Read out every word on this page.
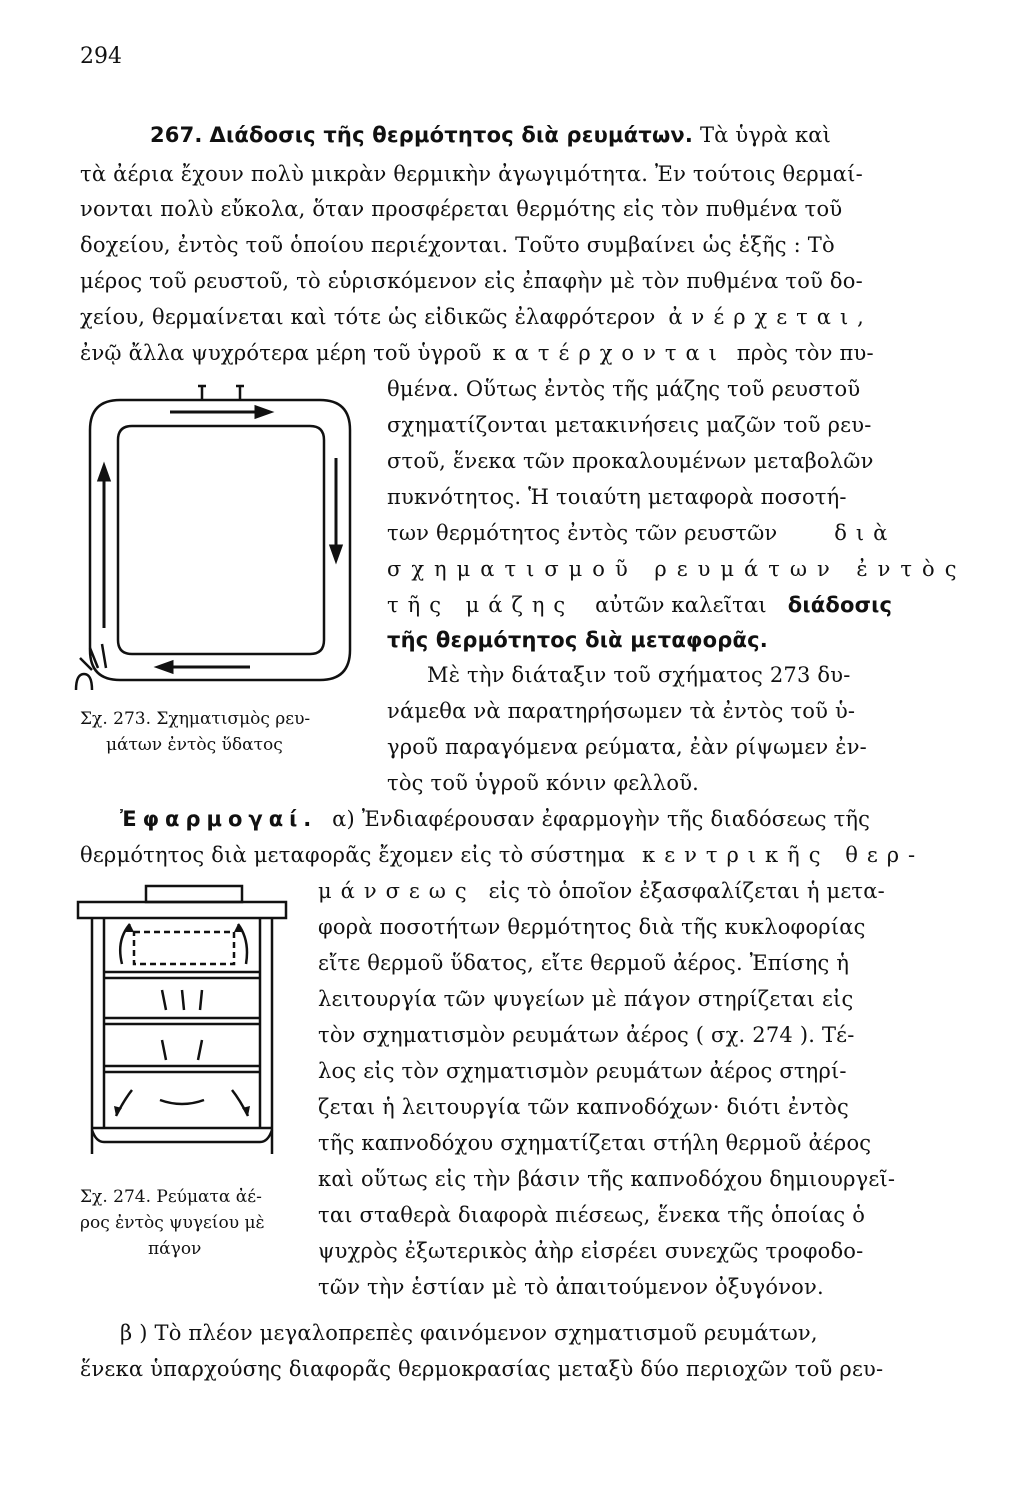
294
267. Διάδοσις τῆς θερμότητος διὰ ρευμάτων. Τὰ ὑγρὰ καὶ
τὰ ἀέρια ἔχουν πολὺ μικρὰν θερμικὴν ἀγωγιμότητα. Ἐν τούτοις θερμαί-
νονται πολὺ εὔκολα, ὅταν προσφέρεται θερμότης εἰς τὸν πυθμένα τοῦ
δοχείου, ἐντὸς τοῦ ὁποίου περιέχονται. Τοῦτο συμβαίνει ὡς ἑξῆς : Τὸ
μέρος τοῦ ρευστοῦ, τὸ εὑρισκόμενον εἰς ἐπαφὴν μὲ τὸν πυθμένα τοῦ δο-
χείου, θερμαίνεται καὶ τότε ὡς εἰδικῶς ἐλαφρότερον ἀνέρχεται,
ἐνῷ ἄλλα ψυχρότερα μέρη τοῦ ὑγροῦ κατέρχονται πρὸς τὸν πυ-
θμένα. Οὕτως ἐντὸς τῆς μάζης τοῦ ρευστοῦ
σχηματίζονται μετακινήσεις μαζῶν τοῦ ρευ-
στοῦ, ἕνεκα τῶν προκαλουμένων μεταβολῶν
πυκνότητος. Ἡ τοιαύτη μεταφορὰ ποσοτή-
των θερμότητος ἐντὸς τῶν ρευστῶν	διὰ
σχηματισμοῦ ρευμάτων ἐντὸς
τῆς μάζης αὐτῶν καλεῖται διάδοσις
τῆς θερμότητος διὰ μεταφορᾶς.
Μὲ τὴν διάταξιν τοῦ σχήματος 273 δυ-
νάμεθα νὰ παρατηρήσωμεν τὰ ἐντὸς τοῦ ὑ-
γροῦ παραγόμενα ρεύματα, ἐὰν ρίψωμεν ἐν-
τὸς τοῦ ὑγροῦ κόνιν φελλοῦ.
Σχ. 273. Σχηματισμὸς ρευ-
μάτων ἐντὸς ὕδατος
Ἐφαρμογαί. α) Ἐνδιαφέρουσαν ἐφαρμογὴν τῆς διαδόσεως τῆς
θερμότητος διὰ μεταφορᾶς ἔχομεν εἰς τὸ σύστημα κεντρικῆς θερ-
μάνσεως εἰς τὸ ὁποῖον ἐξασφαλίζεται ἡ μετα-
φορὰ ποσοτήτων θερμότητος διὰ τῆς κυκλοφορίας
εἴτε θερμοῦ ὕδατος, εἴτε θερμοῦ ἀέρος. Ἐπίσης ἡ
λειτουργία τῶν ψυγείων μὲ πάγον στηρίζεται εἰς
τὸν σχηματισμὸν ρευμάτων ἀέρος ( σχ. 274 ). Τέ-
λος εἰς τὸν σχηματισμὸν ρευμάτων ἀέρος στηρί-
ζεται ἡ λειτουργία τῶν καπνοδόχων· διότι ἐντὸς
τῆς καπνοδόχου σχηματίζεται στήλη θερμοῦ ἀέρος
καὶ οὕτως εἰς τὴν βάσιν τῆς καπνοδόχου δημιουργεῖ-
ται σταθερὰ διαφορὰ πιέσεως, ἕνεκα τῆς ὁποίας ὁ
ψυχρὸς ἐξωτερικὸς ἀὴρ εἰσρέει συνεχῶς τροφοδο-
τῶν τὴν ἑστίαν μὲ τὸ ἀπαιτούμενον ὀξυγόνον.
Σχ. 274. Ρεύματα ἀέ-
ρος ἐντὸς ψυγείου μὲ
πάγον
β ) Τὸ πλέον μεγαλοπρεπὲς φαινόμενον σχηματισμοῦ ρευμάτων,
ἕνεκα ὑπαρχούσης διαφορᾶς θερμοκρασίας μεταξὺ δύο περιοχῶν τοῦ ρευ-
